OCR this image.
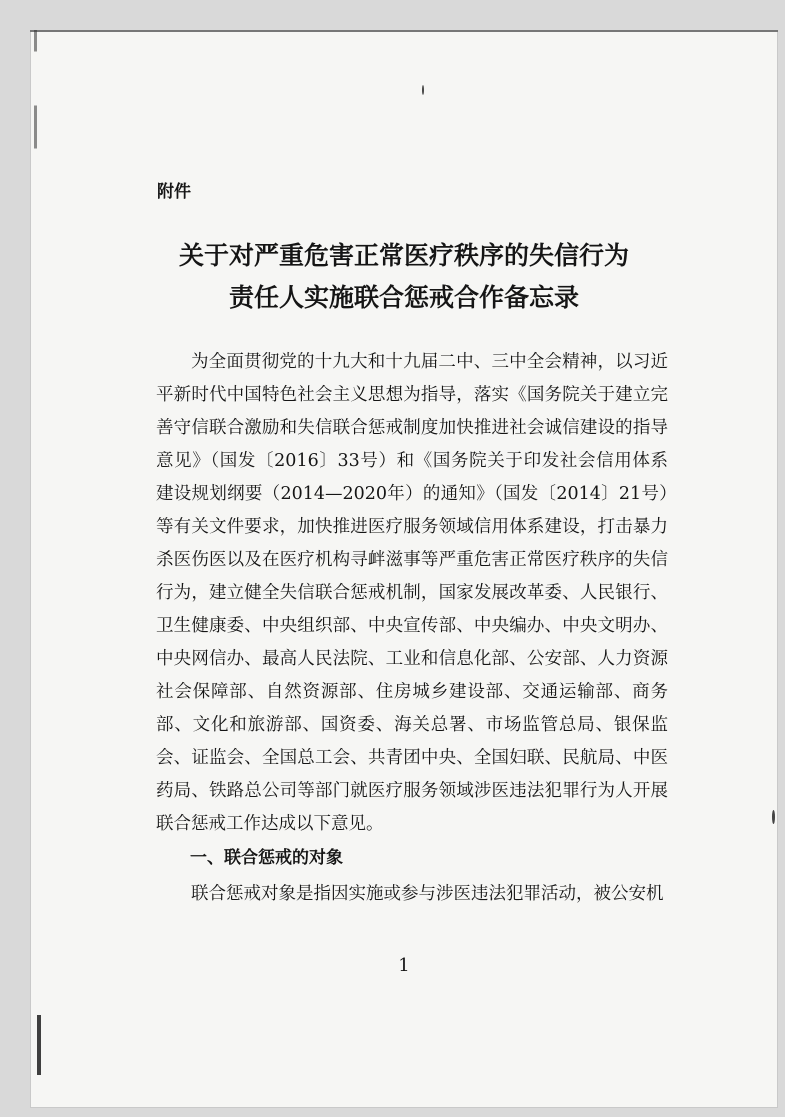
附件
关于对严重危害正常医疗秩序的失信行为
责任人实施联合惩戒合作备忘录

为全面贯彻党的十九大和十九届二中、三中全会精神，以习近平新时代中国特色社会主义思想为指导，落实《国务院关于建立完善守信联合激励和失信联合惩戒制度加快推进社会诚信建设的指导意见》（国发〔2016〕33号）和《国务院关于印发社会信用体系建设规划纲要（2014—2020年）的通知》（国发〔2014〕21号）等有关文件要求，加快推进医疗服务领域信用体系建设，打击暴力杀医伤医以及在医疗机构寻衅滋事等严重危害正常医疗秩序的失信行为，建立健全失信联合惩戒机制，国家发展改革委、人民银行、卫生健康委、中央组织部、中央宣传部、中央编办、中央文明办、中央网信办、最高人民法院、工业和信息化部、公安部、人力资源社会保障部、自然资源部、住房城乡建设部、交通运输部、商务部、文化和旅游部、国资委、海关总署、市场监管总局、银保监会、证监会、全国总工会、共青团中央、全国妇联、民航局、中医药局、铁路总公司等部门就医疗服务领域涉医违法犯罪行为人开展联合惩戒工作达成以下意见。

一、联合惩戒的对象

联合惩戒对象是指因实施或参与涉医违法犯罪活动，被公安机

1
